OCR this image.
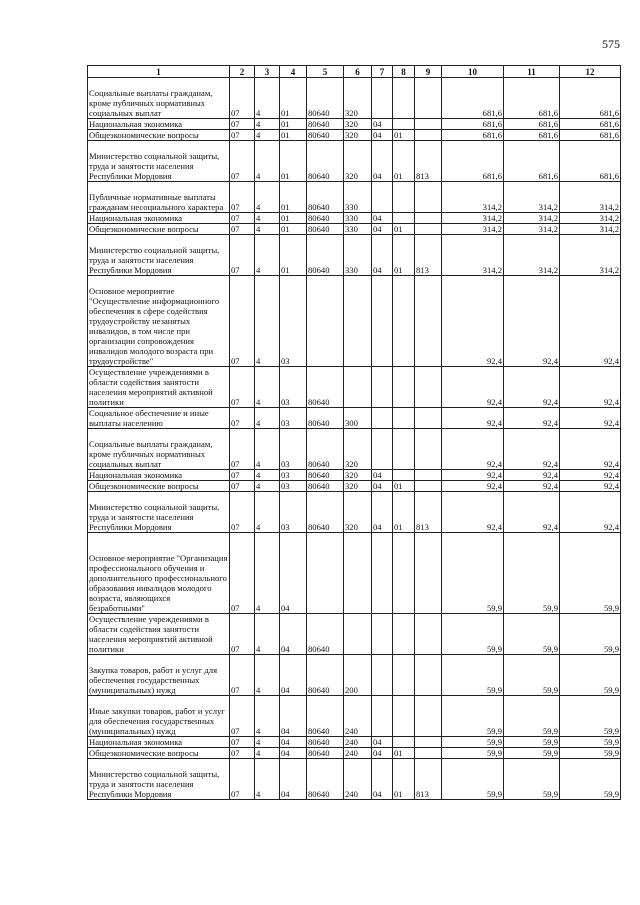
575
1	2	3	4	5	6	7	8	9	10	11	12
Социальные выплаты гражданам, кроме публичных нормативных социальных выплат	07	4	01	80640	320				681,6	681,6	681,6
Национальная экономика	07	4	01	80640	320	04			681,6	681,6	681,6
Общеэкономические вопросы	07	4	01	80640	320	04	01		681,6	681,6	681,6
Министерство социальной защиты, труда и занятости населения Республики Мордовия	07	4	01	80640	320	04	01	813	681,6	681,6	681,6
Публичные нормативные выплаты гражданам несоциального характера	07	4	01	80640	330				314,2	314,2	314,2
Национальная экономика	07	4	01	80640	330	04			314,2	314,2	314,2
Общеэкономические вопросы	07	4	01	80640	330	04	01		314,2	314,2	314,2
Министерство социальной защиты, труда и занятости населения Республики Мордовия	07	4	01	80640	330	04	01	813	314,2	314,2	314,2
Основное мероприятие "Осуществление информационного обеспечения в сфере содействия трудоустройству незанятых инвалидов, в том числе при организации сопровождения инвалидов молодого возраста при трудоустройстве"	07	4	03						92,4	92,4	92,4
Осуществление учреждениями в области содействия занятости населения мероприятий активной политики	07	4	03	80640					92,4	92,4	92,4
Социальное обеспечение и иные выплаты населению	07	4	03	80640	300				92,4	92,4	92,4
Социальные выплаты гражданам, кроме публичных нормативных социальных выплат	07	4	03	80640	320				92,4	92,4	92,4
Национальная экономика	07	4	03	80640	320	04			92,4	92,4	92,4
Общеэкономические вопросы	07	4	03	80640	320	04	01		92,4	92,4	92,4
Министерство социальной защиты, труда и занятости населения Республики Мордовия	07	4	03	80640	320	04	01	813	92,4	92,4	92,4
Основное мероприятие "Организация профессионального обучения и дополнительного профессионального образования инвалидов молодого возраста, являющихся безработными"	07	4	04						59,9	59,9	59,9
Осуществление учреждениями в области содействия занятости населения мероприятий активной политики	07	4	04	80640					59,9	59,9	59,9
Закупка товаров, работ и услуг для обеспечения государственных (муниципальных) нужд	07	4	04	80640	200				59,9	59,9	59,9
Иные закупки товаров, работ и услуг для обеспечения государственных (муниципальных) нужд	07	4	04	80640	240				59,9	59,9	59,9
Национальная экономика	07	4	04	80640	240	04			59,9	59,9	59,9
Общеэкономические вопросы	07	4	04	80640	240	04	01		59,9	59,9	59,9
Министерство социальной защиты, труда и занятости населения Республики Мордовия	07	4	04	80640	240	04	01	813	59,9	59,9	59,9
